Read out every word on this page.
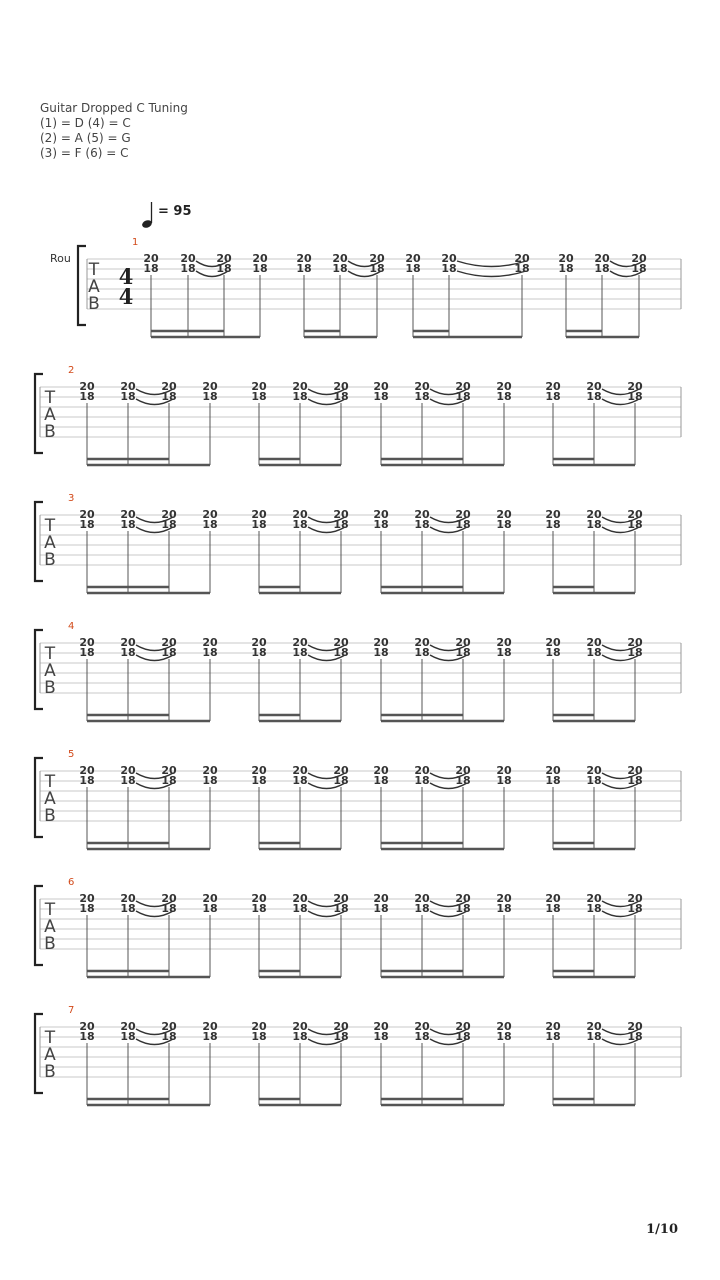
Guitar Dropped C Tuning
(1) = D (4) = C
(2) = A (5) = G
(3) = F (6) = C
= 95
Rou
T
A
B
4
4
1
20
18
20
18
20
18
20
18
20
18
20
18
20
18
20
18
20
18
20
18
20
18
20
18
20
18
T
A
B
2
20
18
20
18
20
18
20
18
20
18
20
18
20
18
20
18
20
18
20
18
20
18
20
18
20
18
20
18
T
A
B
3
20
18
20
18
20
18
20
18
20
18
20
18
20
18
20
18
20
18
20
18
20
18
20
18
20
18
20
18
T
A
B
4
20
18
20
18
20
18
20
18
20
18
20
18
20
18
20
18
20
18
20
18
20
18
20
18
20
18
20
18
T
A
B
5
20
18
20
18
20
18
20
18
20
18
20
18
20
18
20
18
20
18
20
18
20
18
20
18
20
18
20
18
T
A
B
6
20
18
20
18
20
18
20
18
20
18
20
18
20
18
20
18
20
18
20
18
20
18
20
18
20
18
20
18
T
A
B
7
20
18
20
18
20
18
20
18
20
18
20
18
20
18
20
18
20
18
20
18
20
18
20
18
20
18
20
18
1/10
